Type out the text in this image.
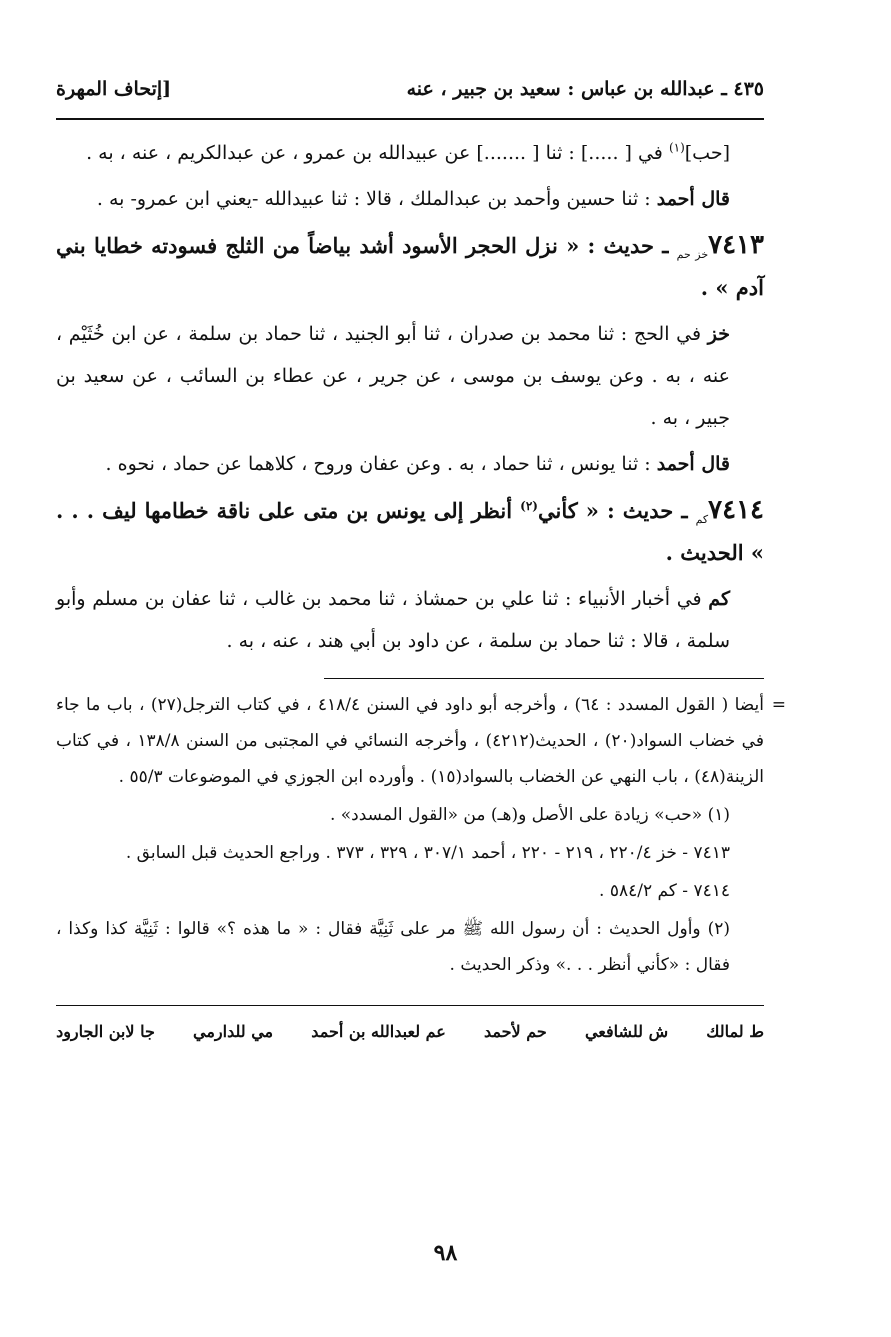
٤٣٥ ـ عبدالله بن عباس : سعيد بن جبير ، عنه
[إتحاف المهرة

[حب]$^{(١)}$ في [ .....] : ثنا [ .......] عن عبيدالله بن عمرو ، عن عبدالكريم ، عنه ، به .

قال أحمد : ثنا حسين وأحمد بن عبدالملك ، قالا : ثنا عبيدالله -يعني ابن عمرو- به .

$٧٤١٣_{خز حم}$ ـ حديث : « نزل الحجر الأسود أشد بياضاً من الثلج فسودته خطايا بني آدم » .

خز في الحج : ثنا محمد بن صدران ، ثنا أبو الجنيد ، ثنا حماد بن سلمة ، عن ابن خُثَيْم ، عنه ، به . وعن يوسف بن موسى ، عن جرير ، عن عطاء بن السائب ، عن سعيد بن جبير ، به .

قال أحمد : ثنا يونس ، ثنا حماد ، به . وعن عفان وروح ، كلاهما عن حماد ، نحوه .

$٧٤١٤_{كم}$ ـ حديث : « كأني$^{(٢)}$ أنظر إلى يونس بن متى على ناقة خطامها ليف . . . » الحديث .

كم في أخبار الأنبياء : ثنا علي بن حمشاذ ، ثنا محمد بن غالب ، ثنا عفان بن مسلم وأبو سلمة ، قالا : ثنا حماد بن سلمة ، عن داود بن أبي هند ، عنه ، به .

=

أيضا ( القول المسدد : ٦٤) ، وأخرجه أبو داود في السنن ٤١٨/٤ ، في كتاب الترجل(٢٧) ، باب ما جاء في خضاب السواد(٢٠) ، الحديث(٤٢١٢) ، وأخرجه النسائي في المجتبى من السنن ١٣٨/٨ ، في كتاب الزينة(٤٨) ، باب النهي عن الخضاب بالسواد(١٥) . وأورده ابن الجوزي في الموضوعات ٥٥/٣ .

(١) «حب» زيادة على الأصل و(هـ) من «القول المسدد» .

٧٤١٣ - خز ٢٢٠/٤ ، ٢١٩ - ٢٢٠ ، أحمد ٣٠٧/١ ، ٣٢٩ ، ٣٧٣ . وراجع الحديث قبل السابق .

٧٤١٤ - كم ٥٨٤/٢ .

(٢) وأول الحديث : أن رسول الله ﷺ مر على ثَنِيَّة فقال : « ما هذه ؟» قالوا : ثَنِيَّة كذا وكذا ، فقال : «كأني أنظر . . .» وذكر الحديث .

ط لمالك
ش للشافعي
حم لأحمد
عم لعبدالله بن أحمد
مي للدارمي
جا لابن الجارود
٩٨
